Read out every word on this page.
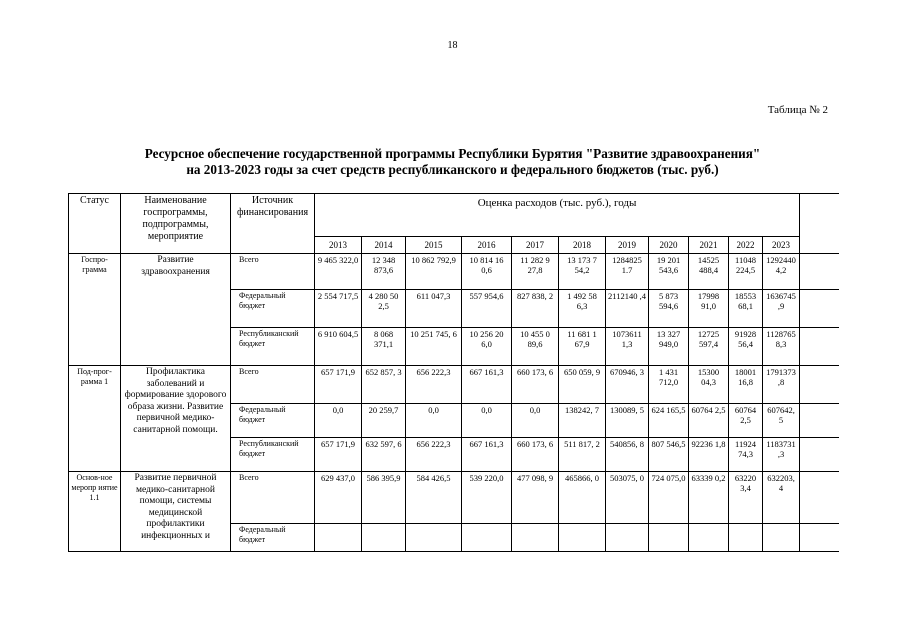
18
Таблица № 2
Ресурсное обеспечение государственной программы Республики Бурятия "Развитие здравоохранения"
на 2013-2023 годы за счет средств республиканского и федерального бюджетов (тыс. руб.)
Статус	Наименование госпрограммы, подпрограммы, мероприятие	Источник финансирования	Оценка расходов (тыс. руб.), годы											
			2013	2014	2015	2016	2017	2018	2019	2020	2021	2022	2023	
Госпро-грамма	Развитие здравоохранения	Всего	9 465 322,0	12 348 873,6	10 862 792,9	10 814 16 0,6	11 282 9 27,8	13 173 7 54,2	1284825 1.7	19 201 543,6	14525 488,4	11048 224,5	1292440 4,2	
		Федеральный бюджет	2 554 717,5	4 280 50 2,5	611 047,3	557 954,6	827 838, 2	1 492 58 6,3	2112140 ,4	5 873 594,6	17998 91,0	18553 68,1	1636745 ,9	
		Республиканский бюджет	6 910 604,5	8 068 371,1	10 251 745, 6	10 256 20 6,0	10 455 0 89,6	11 681 1 67,9	1073611 1,3	13 327 949,0	12725 597,4	91928 56,4	1128765 8,3	
Под-прог-рамма 1	Профилактика заболеваний и формирование здорового образа жизни. Развитие первичной медико-санитарной помощи.	Всего	657 171,9	652 857, 3	656 222,3	667 161,3	660 173, 6	650 059, 9	670946, 3	1 431 712,0	15300 04,3	18001 16,8	1791373 ,8	
		Федеральный бюджет	0,0	20 259,7	0,0	0,0	0,0	138242, 7	130089, 5	624 165,5	60764 2,5	60764 2,5	607642, 5	
		Республиканский бюджет	657 171,9	632 597, 6	656 222,3	667 161,3	660 173, 6	511 817, 2	540856, 8	807 546,5	92236 1,8	11924 74,3	1183731 ,3	
Основ-ное меропр иятие 1.1	Развитие первичной медико-санитарной помощи, системы медицинской профилактики инфекционных и	Всего	629 437,0	586 395,9	584 426,5	539 220,0	477 098, 9	465866, 0	503075, 0	724 075,0	63339 0,2	63220 3,4	632203, 4	
		Федеральный бюджет												
